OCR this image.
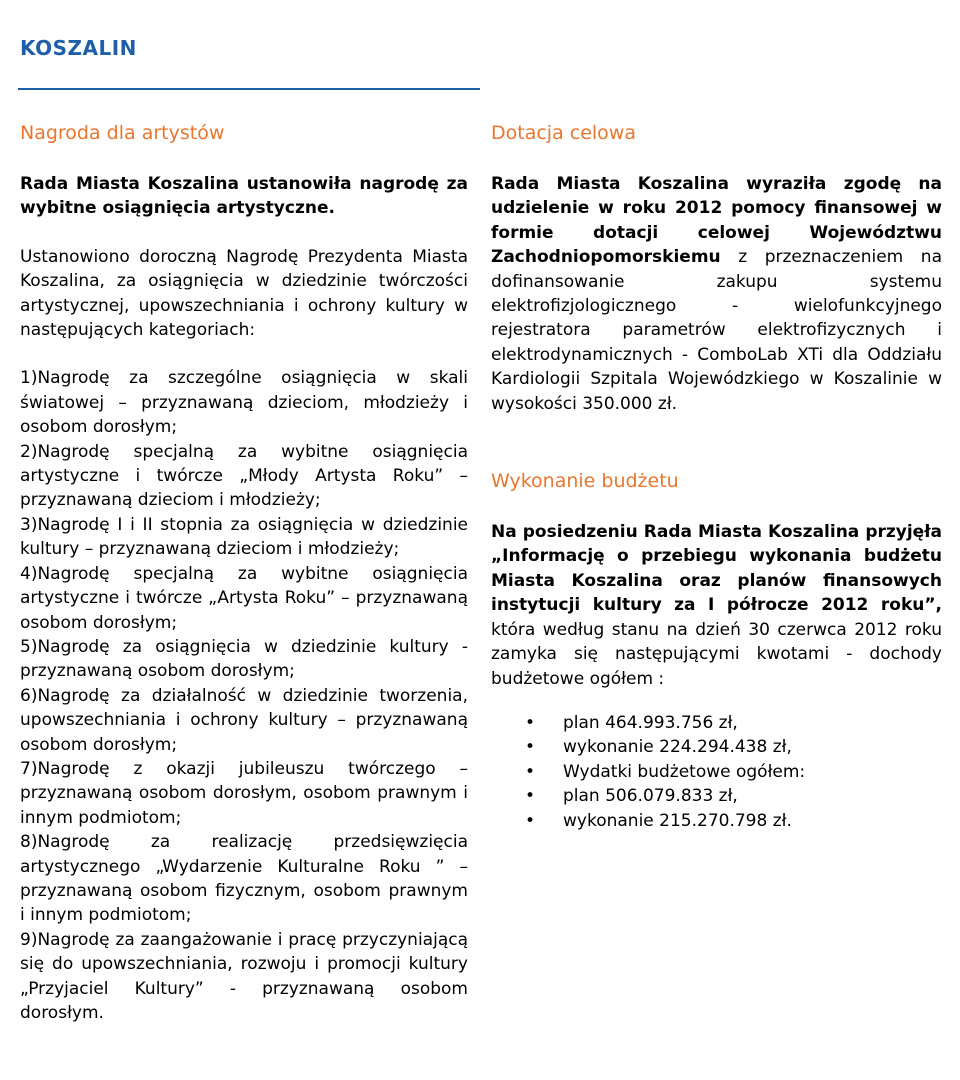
KOSZALIN
Nagroda dla artystów

Rada Miasta Koszalina ustanowiła nagrodę za wybitne osiągnięcia artystyczne.

Ustanowiono doroczną Nagrodę Prezydenta Miasta Koszalina, za osiągnięcia w dziedzinie twórczości artystycznej, upowszechniania i ochrony kultury w następujących kategoriach:

1)Nagrodę za szczególne osiągnięcia w skali światowej – przyznawaną dzieciom, młodzieży i osobom dorosłym;

2)Nagrodę specjalną za wybitne osiągnięcia artystyczne i twórcze „Młody Artysta Roku” – przyznawaną dzieciom i młodzieży;

3)Nagrodę I i II stopnia za osiągnięcia w dziedzinie kultury – przyznawaną dzieciom i młodzieży;

4)Nagrodę specjalną za wybitne osiągnięcia artystyczne i twórcze „Artysta Roku” – przyznawaną osobom dorosłym;

5)Nagrodę za osiągnięcia w dziedzinie kultury - przyznawaną osobom dorosłym;

6)Nagrodę za działalność w dziedzinie tworzenia, upowszechniania i ochrony kultury – przyznawaną osobom dorosłym;

7)Nagrodę z okazji jubileuszu twórczego – przyznawaną osobom dorosłym, osobom prawnym i innym podmiotom;

8)Nagrodę za realizację przedsięwzięcia artystycznego „Wydarzenie Kulturalne Roku ” – przyznawaną osobom fizycznym, osobom prawnym i innym podmiotom;

9)Nagrodę za zaangażowanie i pracę przyczyniającą się do upowszechniania, rozwoju i promocji kultury „Przyjaciel Kultury” - przyznawaną osobom dorosłym.

Dotacja celowa

Rada Miasta Koszalina wyraziła zgodę na udzielenie w roku 2012 pomocy finansowej w formie dotacji celowej Województwu Zachodniopomorskiemu z przeznaczeniem na dofinansowanie zakupu systemu elektrofizjologicznego - wielofunkcyjnego rejestratora parametrów elektrofizycznych i elektrodynamicznych - ComboLab XTi dla Oddziału Kardiologii Szpitala Wojewódzkiego w Koszalinie w wysokości 350.000 zł.

Wykonanie budżetu

Na posiedzeniu Rada Miasta Koszalina przyjęła „Informację o przebiegu wykonania budżetu Miasta Koszalina oraz planów finansowych instytucji kultury za I półrocze 2012 roku”, która według stanu na dzień 30 czerwca 2012 roku zamyka się następującymi kwotami - dochody budżetowe ogółem :

• plan 464.993.756 zł,
• wykonanie 224.294.438 zł,
• Wydatki budżetowe ogółem:
• plan 506.079.833 zł,
• wykonanie 215.270.798 zł.
